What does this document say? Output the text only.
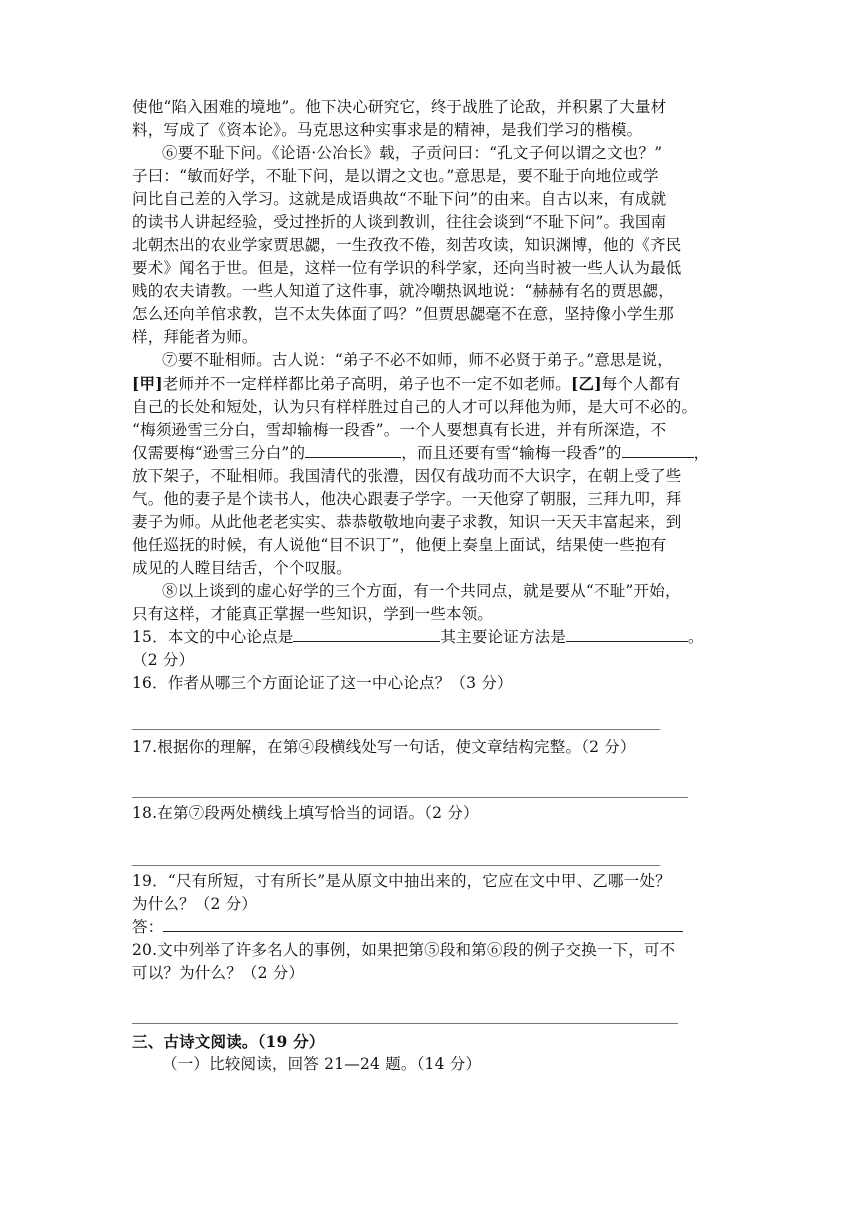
使他“陷入困难的境地”。他下决心研究它，终于战胜了论敌，并积累了大量材
料，写成了《资本论》。马克思这种实事求是的精神，是我们学习的楷模。
⑥要不耻下问。《论语·公冶长》载，子贡问曰：“孔文子何以谓之文也？”
子曰：“敏而好学，不耻下问，是以谓之文也。”意思是，要不耻于向地位或学
问比自己差的入学习。这就是成语典故“不耻下问”的由来。自古以来，有成就
的读书人讲起经验，受过挫折的人谈到教训，往往会谈到“不耻下问”。我国南
北朝杰出的农业学家贾思勰，一生孜孜不倦，刻苦攻读，知识渊博，他的《齐民
要术》闻名于世。但是，这样一位有学识的科学家，还向当时被一些人认为最低
贱的农夫请教。一些人知道了这件事，就冷嘲热讽地说：“赫赫有名的贾思勰，
怎么还向羊倌求教，岂不太失体面了吗？”但贾思勰毫不在意，坚持像小学生那
样，拜能者为师。
⑦要不耻相师。古人说：“弟子不必不如师，师不必贤于弟子。”意思是说，
[甲]老师并不一定样样都比弟子高明，弟子也不一定不如老师。[乙]每个人都有
自己的长处和短处，认为只有样样胜过自己的人才可以拜他为师，是大可不必的。
“梅须逊雪三分白，雪却输梅一段香”。一个人要想真有长进，并有所深造，不
仅需要梅“逊雪三分白”的	，而且还要有雪“输梅一段香”的	，
放下架子，不耻相师。我国清代的张澧，因仅有战功而不大识字，在朝上受了些
气。他的妻子是个读书人，他决心跟妻子学字。一天他穿了朝服，三拜九叩，拜
妻子为师。从此他老老实实、恭恭敬敬地向妻子求教，知识一天天丰富起来，到
他任巡抚的时候，有人说他“目不识丁”，他便上奏皇上面试，结果使一些抱有
成见的人瞠目结舌，个个叹服。
⑧以上谈到的虚心好学的三个方面，有一个共同点，就是要从“不耻”开始，
只有这样，才能真正掌握一些知识，学到一些本领。
15．本文的中心论点是	其主要论证方法是	。
（2 分）
16．作者从哪三个方面论证了这一中心论点？（3 分）
17.根据你的理解，在第④段横线处写一句话，使文章结构完整。（2 分）
18.在第⑦段两处横线上填写恰当的词语。（2 分）
19．“尺有所短，寸有所长”是从原文中抽出来的，它应在文中甲、乙哪一处？
为什么？（2 分）
答：
20.文中列举了许多名人的事例，如果把第⑤段和第⑥段的例子交换一下，可不
可以？为什么？（2 分）
三、古诗文阅读。（19 分）
（一）比较阅读，回答 21—24 题。（14 分）
